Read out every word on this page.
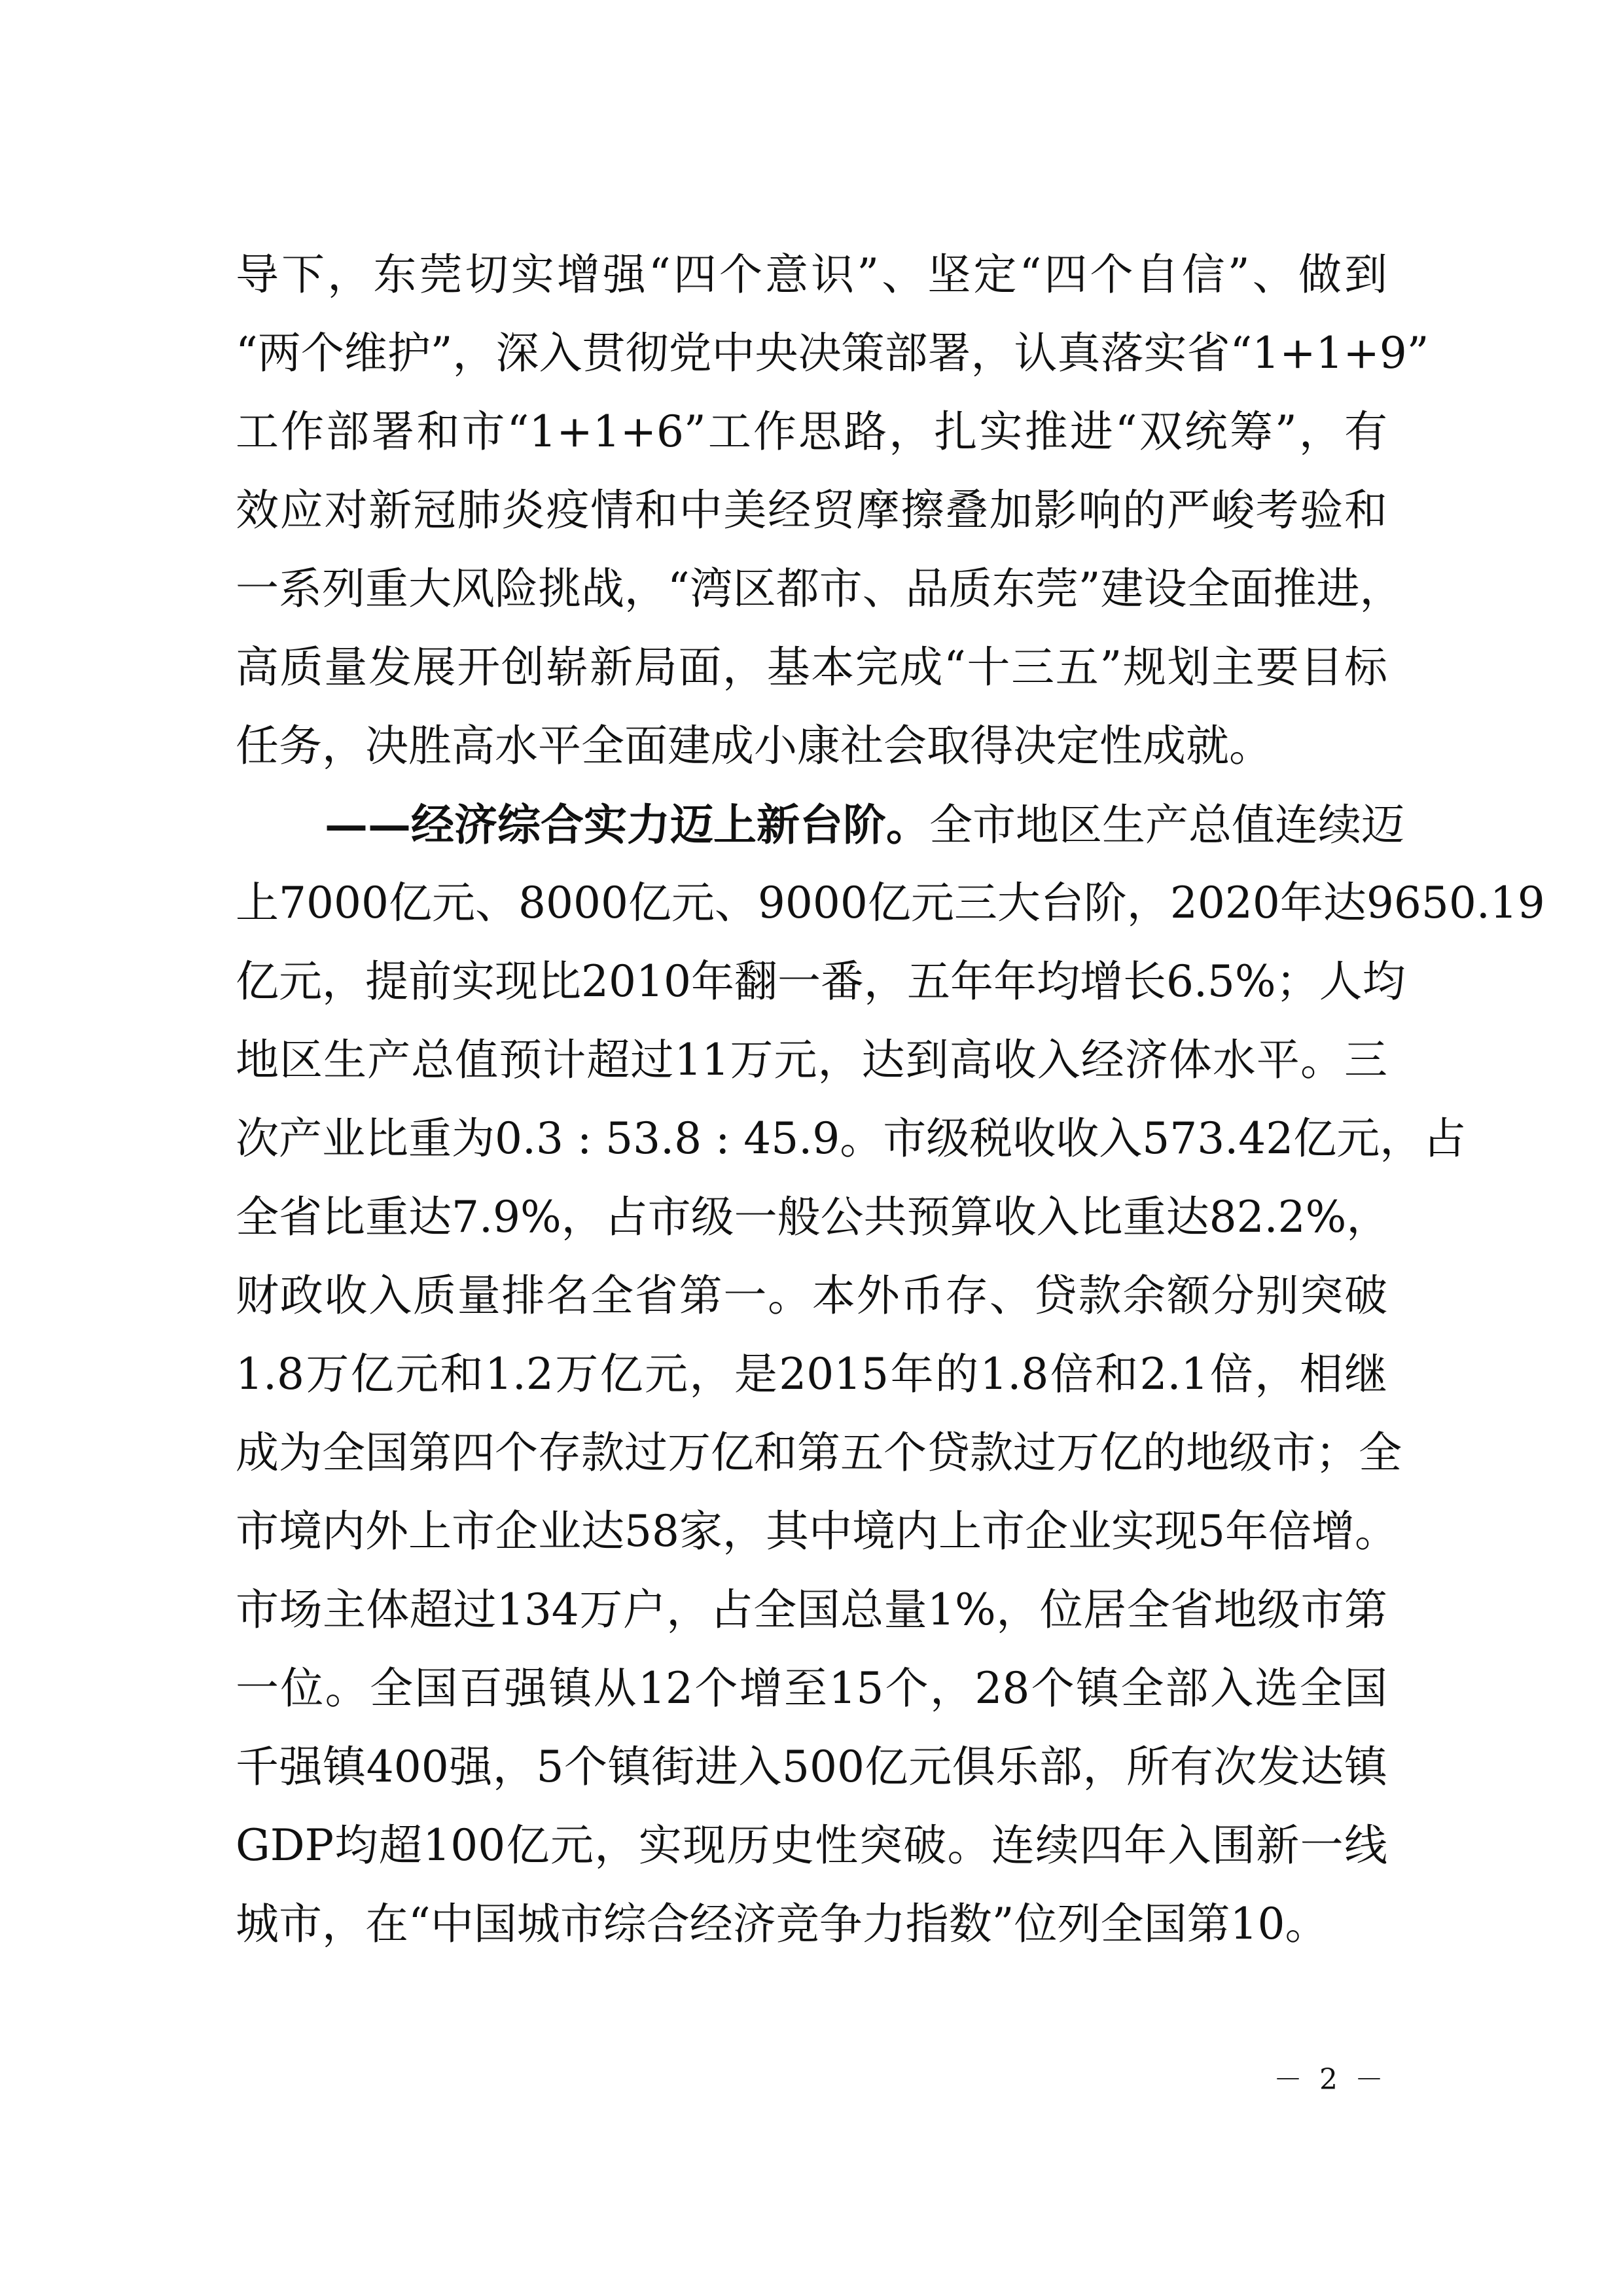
导下，东莞切实增强“四个意识”、坚定“四个自信”、做到
“两个维护”，深入贯彻党中央决策部署，认真落实省“1+1+9”
工作部署和市“1+1+6”工作思路，扎实推进“双统筹”，有
效应对新冠肺炎疫情和中美经贸摩擦叠加影响的严峻考验和
一系列重大风险挑战，“湾区都市、品质东莞”建设全面推进，
高质量发展开创崭新局面，基本完成“十三五”规划主要目标
任务，决胜高水平全面建成小康社会取得决定性成就。
——经济综合实力迈上新台阶。全市地区生产总值连续迈
上7000亿元、8000亿元、9000亿元三大台阶，2020年达9650.19
亿元，提前实现比2010年翻一番，五年年均增长6.5%；人均
地区生产总值预计超过11万元，达到高收入经济体水平。三
次产业比重为0.3 : 53.8 : 45.9。市级税收收入573.42亿元，占
全省比重达7.9%，占市级一般公共预算收入比重达82.2%，
财政收入质量排名全省第一。本外币存、贷款余额分别突破
1.8万亿元和1.2万亿元，是2015年的1.8倍和2.1倍，相继
成为全国第四个存款过万亿和第五个贷款过万亿的地级市；全
市境内外上市企业达58家，其中境内上市企业实现5年倍增。
市场主体超过134万户，占全国总量1%，位居全省地级市第
一位。全国百强镇从12个增至15个，28个镇全部入选全国
千强镇400强，5个镇街进入500亿元俱乐部，所有次发达镇
GDP均超100亿元，实现历史性突破。连续四年入围新一线
城市，在“中国城市综合经济竞争力指数”位列全国第10。
－ 2 －
